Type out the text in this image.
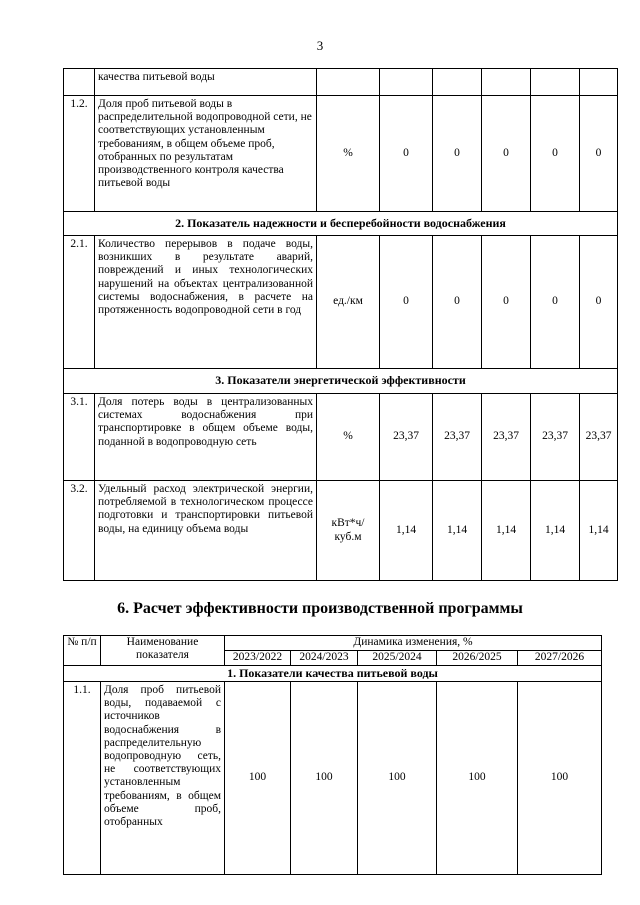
3
	качества питьевой воды						
1.2.	Доля проб питьевой воды в распределительной водопроводной сети, не соответствующих установленным требованиям, в общем объеме проб, отобранных по результатам производственного контроля качества питьевой воды	%	0	0	0	0	0
2. Показатель надежности и бесперебойности водоснабжения							
2.1.	Количество перерывов в подаче воды, возникших в результате аварий, повреждений и иных технологических нарушений на объектах централизованной системы водоснабжения, в расчете на протяженность водопроводной сети в год	ед./км	0	0	0	0	0
3. Показатели энергетической эффективности							
3.1.	Доля потерь воды в централизованных системах водоснабжения при транспортировке в общем объеме воды, поданной в водопроводную сеть	%	23,37	23,37	23,37	23,37	23,37
3.2.	Удельный расход электрической энергии, потребляемой в технологическом процессе подготовки и транспортировки питьевой воды, на единицу объема воды	кВт*ч/ куб.м	1,14	1,14	1,14	1,14	1,14
6. Расчет эффективности производственной программы
№ п/п	Наименование показателя	Динамика изменения, %				
		2023/2022	2024/2023	2025/2024	2026/2025	2027/2026
1. Показатели качества питьевой воды						
1.1.	Доля проб питьевой воды, подаваемой с источников водоснабжения в распределительную водопроводную сеть, не соответствующих установленным требованиям, в общем объеме проб, отобранных	100	100	100	100	100
